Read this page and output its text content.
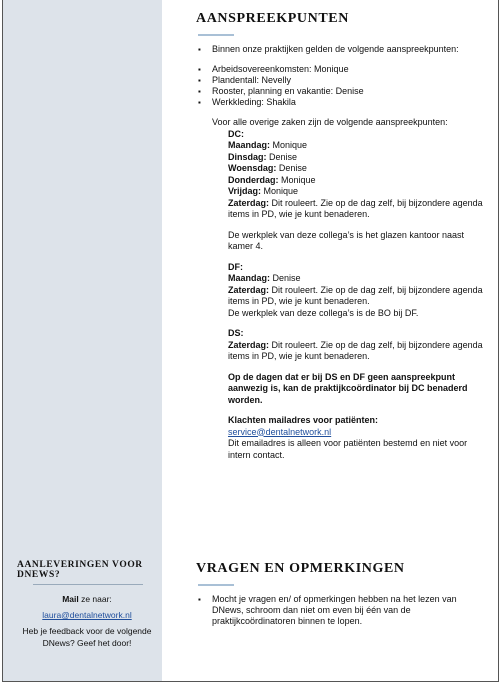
AANLEVERINGEN VOOR DNEWS?
Mail ze naar:
laura@dentalnetwork.nl
Heb je feedback voor de volgende DNews? Geef het door!
AANSPREEKPUNTEN
▪ Binnen onze praktijken gelden de volgende aanspreekpunten:
▪ Arbeidsovereenkomsten: Monique
▪ Plandentall: Nevelly
▪ Rooster, planning en vakantie: Denise
▪ Werkkleding: Shakila
Voor alle overige zaken zijn de volgende aanspreekpunten:
DC:
Maandag: Monique
Dinsdag: Denise
Woensdag: Denise
Donderdag: Monique
Vrijdag: Monique
Zaterdag: Dit rouleert. Zie op de dag zelf, bij bijzondere agenda items in PD, wie je kunt benaderen.
De werkplek van deze collega’s is het glazen kantoor naast kamer 4.
DF:
Maandag: Denise
Zaterdag: Dit rouleert. Zie op de dag zelf, bij bijzondere agenda items in PD, wie je kunt benaderen.
De werkplek van deze collega’s is de BO bij DF.
DS:
Zaterdag: Dit rouleert. Zie op de dag zelf, bij bijzondere agenda items in PD, wie je kunt benaderen.
Op de dagen dat er bij DS en DF geen aanspreekpunt aanwezig is, kan de praktijkcoördinator bij DC benaderd worden.
Klachten mailadres voor patiënten:
service@dentalnetwork.nl
Dit emailadres is alleen voor patiënten bestemd en niet voor intern contact.
VRAGEN EN OPMERKINGEN
▪ Mocht je vragen en/ of opmerkingen hebben na het lezen van DNews, schroom dan niet om even bij één van de praktijkcoördinatoren binnen te lopen.
